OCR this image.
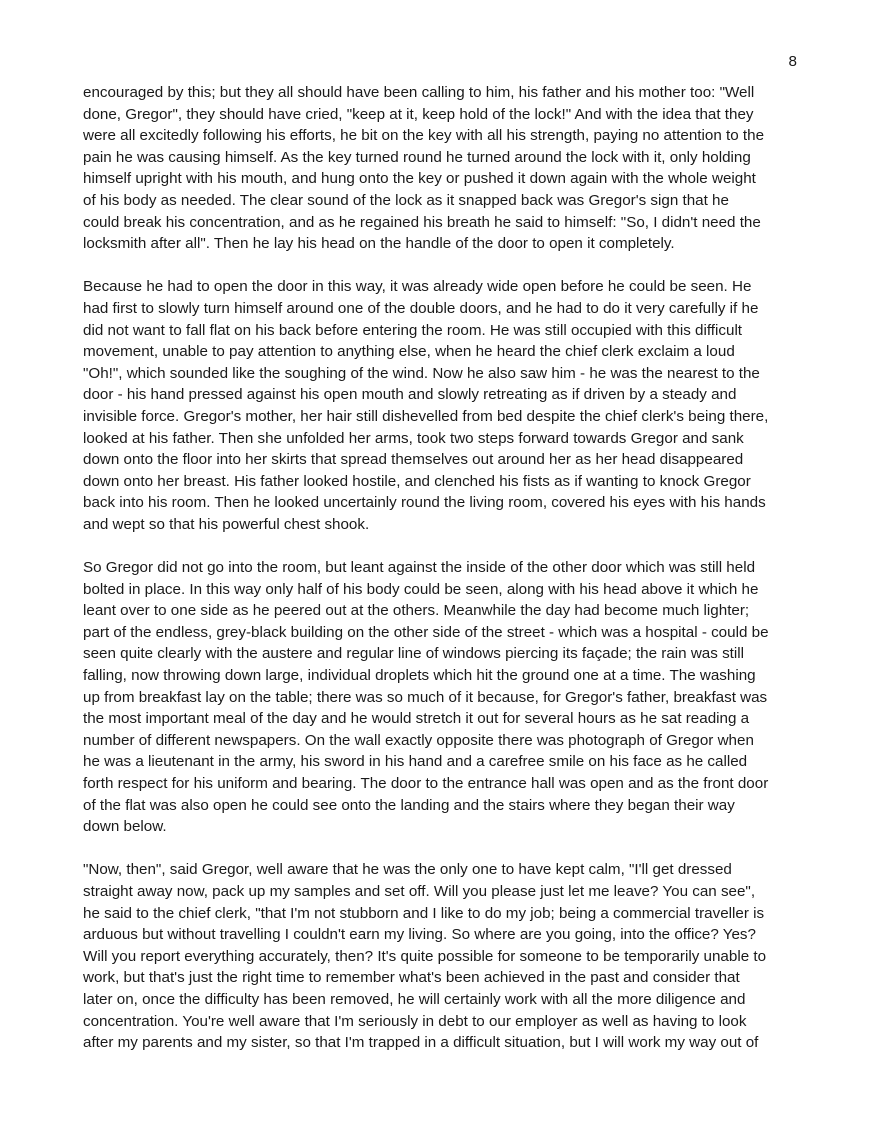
8

encouraged by this; but they all should have been calling to him, his father and his mother too: "Well
done, Gregor", they should have cried, "keep at it, keep hold of the lock!" And with the idea that they
were all excitedly following his efforts, he bit on the key with all his strength, paying no attention to the
pain he was causing himself. As the key turned round he turned around the lock with it, only holding
himself upright with his mouth, and hung onto the key or pushed it down again with the whole weight
of his body as needed. The clear sound of the lock as it snapped back was Gregor's sign that he
could break his concentration, and as he regained his breath he said to himself: "So, I didn't need the
locksmith after all". Then he lay his head on the handle of the door to open it completely.

Because he had to open the door in this way, it was already wide open before he could be seen. He
had first to slowly turn himself around one of the double doors, and he had to do it very carefully if he
did not want to fall flat on his back before entering the room. He was still occupied with this difficult
movement, unable to pay attention to anything else, when he heard the chief clerk exclaim a loud
"Oh!", which sounded like the soughing of the wind. Now he also saw him - he was the nearest to the
door - his hand pressed against his open mouth and slowly retreating as if driven by a steady and
invisible force. Gregor's mother, her hair still dishevelled from bed despite the chief clerk's being there,
looked at his father. Then she unfolded her arms, took two steps forward towards Gregor and sank
down onto the floor into her skirts that spread themselves out around her as her head disappeared
down onto her breast. His father looked hostile, and clenched his fists as if wanting to knock Gregor
back into his room. Then he looked uncertainly round the living room, covered his eyes with his hands
and wept so that his powerful chest shook.

So Gregor did not go into the room, but leant against the inside of the other door which was still held
bolted in place. In this way only half of his body could be seen, along with his head above it which he
leant over to one side as he peered out at the others. Meanwhile the day had become much lighter;
part of the endless, grey-black building on the other side of the street - which was a hospital - could be
seen quite clearly with the austere and regular line of windows piercing its façade; the rain was still
falling, now throwing down large, individual droplets which hit the ground one at a time. The washing
up from breakfast lay on the table; there was so much of it because, for Gregor's father, breakfast was
the most important meal of the day and he would stretch it out for several hours as he sat reading a
number of different newspapers. On the wall exactly opposite there was photograph of Gregor when
he was a lieutenant in the army, his sword in his hand and a carefree smile on his face as he called
forth respect for his uniform and bearing. The door to the entrance hall was open and as the front door
of the flat was also open he could see onto the landing and the stairs where they began their way
down below.

"Now, then", said Gregor, well aware that he was the only one to have kept calm, "I'll get dressed
straight away now, pack up my samples and set off. Will you please just let me leave? You can see",
he said to the chief clerk, "that I'm not stubborn and I like to do my job; being a commercial traveller is
arduous but without travelling I couldn't earn my living. So where are you going, into the office? Yes?
Will you report everything accurately, then? It's quite possible for someone to be temporarily unable to
work, but that's just the right time to remember what's been achieved in the past and consider that
later on, once the difficulty has been removed, he will certainly work with all the more diligence and
concentration. You're well aware that I'm seriously in debt to our employer as well as having to look
after my parents and my sister, so that I'm trapped in a difficult situation, but I will work my way out of
